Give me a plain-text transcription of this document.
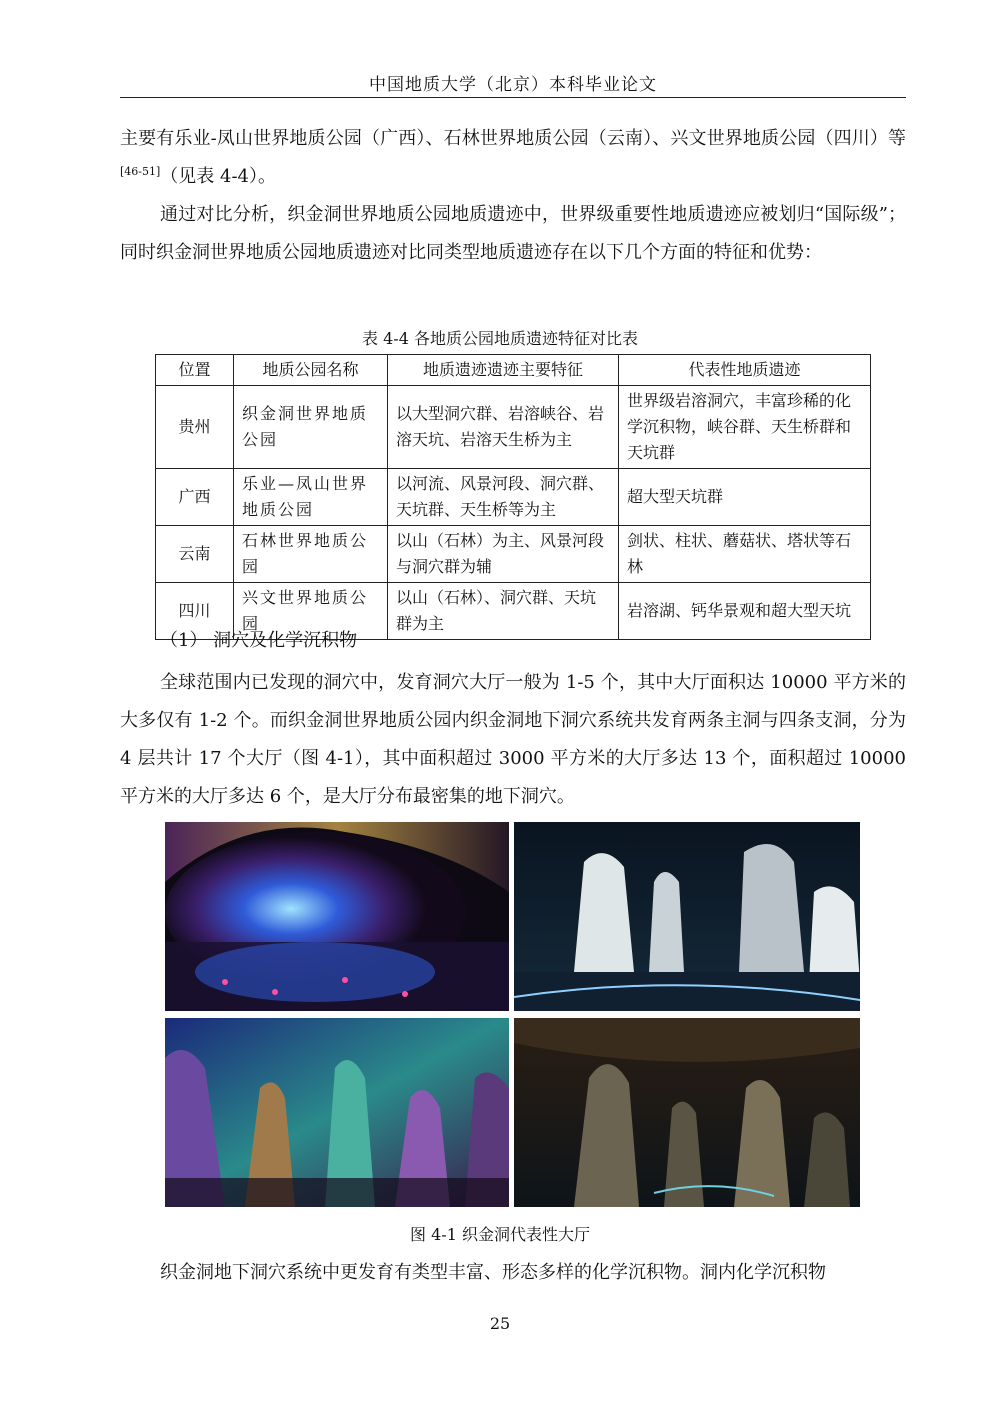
中国地质大学（北京）本科毕业论文

主要有乐业-凤山世界地质公园（广西）、石林世界地质公园（云南）、兴文世界地质公园（四川）等[46-51]（见表 4-4）。

通过对比分析，织金洞世界地质公园地质遗迹中，世界级重要性地质遗迹应被划归“国际级”；同时织金洞世界地质公园地质遗迹对比同类型地质遗迹存在以下几个方面的特征和优势：

表 4-4 各地质公园地质遗迹特征对比表
位置	地质公园名称	地质遗迹遗迹主要特征	代表性地质遗迹
贵州	织金洞世界地质公园	以大型洞穴群、岩溶峡谷、岩溶天坑、岩溶天生桥为主	世界级岩溶洞穴，丰富珍稀的化 学沉积物，峡谷群、天生桥群和天坑群
广西	乐业—凤山世界地质公园	以河流、风景河段、洞穴群、天坑群、天生桥等为主	超大型天坑群
云南	石林世界地质公园	以山（石林）为主、风景河段与洞穴群为辅	剑状、柱状、蘑菇状、塔状等石林
四川	兴文世界地质公园	以山（石林）、洞穴群、天坑群为主	岩溶湖、钙华景观和超大型天坑
（1） 洞穴及化学沉积物

全球范围内已发现的洞穴中，发育洞穴大厅一般为 1-5 个，其中大厅面积达 10000 平方米的大多仅有 1-2 个。而织金洞世界地质公园内织金洞地下洞穴系统共发育两条主洞与四条支洞，分为 4 层共计 17 个大厅（图 4-1），其中面积超过 3000 平方米的大厅多达 13 个，面积超过 10000 平方米的大厅多达 6 个，是大厅分布最密集的地下洞穴。

图 4-1 织金洞代表性大厅

织金洞地下洞穴系统中更发育有类型丰富、形态多样的化学沉积物。洞内化学沉积物

25
